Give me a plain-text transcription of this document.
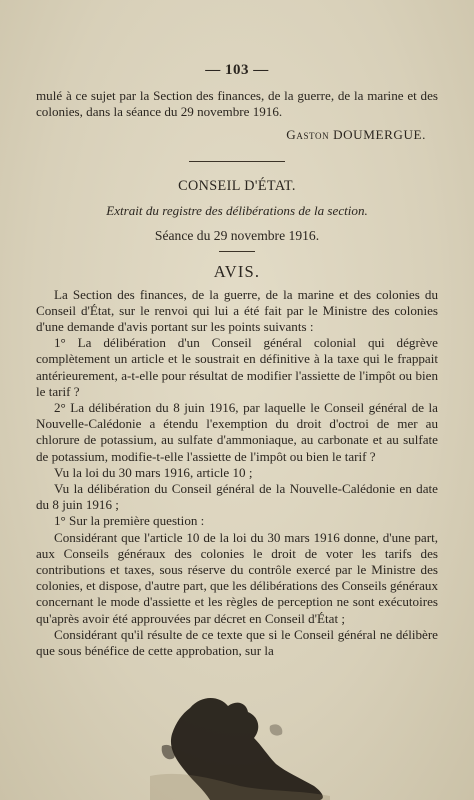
— 103 —

mulé à ce sujet par la Section des finances, de la guerre, de la marine et des colonies, dans la séance du 29 novembre 1916.

Gaston DOUMERGUE.
CONSEIL D'ÉTAT.
Extrait du registre des délibérations de la section.
Séance du 29 novembre 1916.
AVIS.

La Section des finances, de la guerre, de la marine et des colonies du Conseil d'État, sur le renvoi qui lui a été fait par le Ministre des colonies d'une demande d'avis portant sur les points suivants :

1° La délibération d'un Conseil général colonial qui dégrève complètement un article et le soustrait en définitive à la taxe qui le frappait antérieurement, a-t-elle pour résultat de modifier l'assiette de l'impôt ou bien le tarif ?

2° La délibération du 8 juin 1916, par laquelle le Conseil général de la Nouvelle-Calédonie a étendu l'exemption du droit d'octroi de mer au chlorure de potassium, au sulfate d'ammoniaque, au carbonate et au sulfate de potassium, modifie-t-elle l'assiette de l'impôt ou bien le tarif ?

Vu la loi du 30 mars 1916, article 10 ;

Vu la délibération du Conseil général de la Nouvelle-Calédonie en date du 8 juin 1916 ;

1° Sur la première question :

Considérant que l'article 10 de la loi du 30 mars 1916 donne, d'une part, aux Conseils généraux des colonies le droit de voter les tarifs des contributions et taxes, sous réserve du contrôle exercé par le Ministre des colonies, et dispose, d'autre part, que les délibérations des Conseils généraux concernant le mode d'assiette et les règles de perception ne sont exécutoires qu'après avoir été approuvées par décret en Conseil d'État ;

Considérant qu'il résulte de ce texte que si le Conseil général ne délibère que sous bénéfice de cette approbation, sur la
